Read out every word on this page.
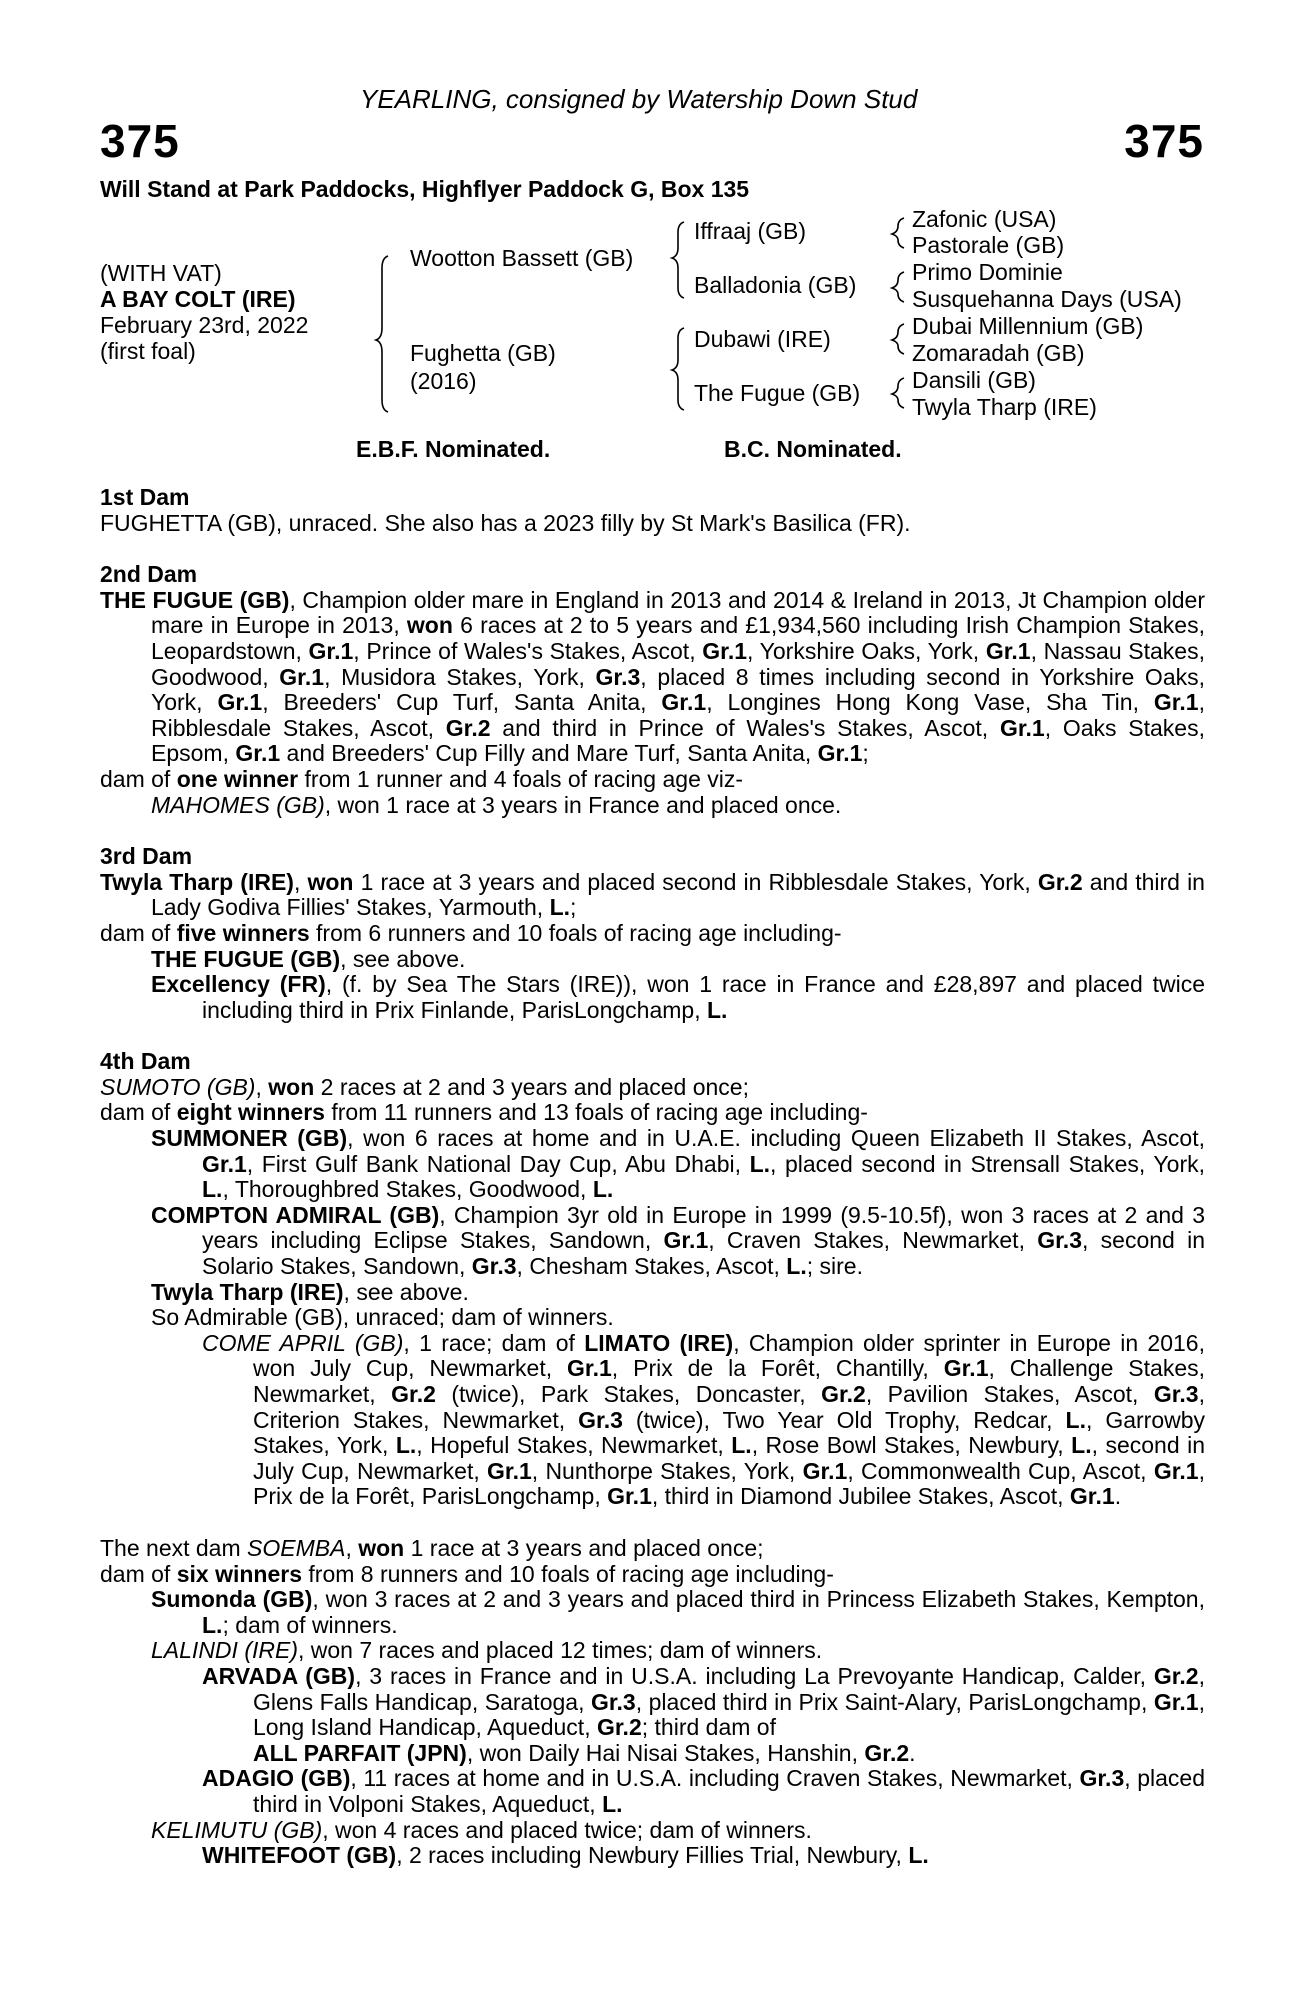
YEARLING, consigned by Watership Down Stud
375	375
Will Stand at Park Paddocks, Highflyer Paddock G, Box 135
(WITH VAT)
A BAY COLT (IRE)
February 23rd, 2022
(first foal)
Wootton Bassett (GB)
Fughetta (GB)
(2016)
Iffraaj (GB)
Balladonia (GB)
Dubawi (IRE)
The Fugue (GB)
Zafonic (USA)
Pastorale (GB)
Primo Dominie
Susquehanna Days (USA)
Dubai Millennium (GB)
Zomaradah (GB)
Dansili (GB)
Twyla Tharp (IRE)
E.B.F. Nominated.	B.C. Nominated.

1st Dam

FUGHETTA (GB), unraced. She also has a 2023 filly by St Mark's Basilica (FR).

2nd Dam

THE FUGUE (GB), Champion older mare in England in 2013 and 2014 & Ireland in 2013, Jt Champion older mare in Europe in 2013, won 6 races at 2 to 5 years and £1,934,560 including Irish Champion Stakes, Leopardstown, Gr.1, Prince of Wales's Stakes, Ascot, Gr.1, Yorkshire Oaks, York, Gr.1, Nassau Stakes, Goodwood, Gr.1, Musidora Stakes, York, Gr.3, placed 8 times including second in Yorkshire Oaks, York, Gr.1, Breeders' Cup Turf, Santa Anita, Gr.1, Longines Hong Kong Vase, Sha Tin, Gr.1, Ribblesdale Stakes, Ascot, Gr.2 and third in Prince of Wales's Stakes, Ascot, Gr.1, Oaks Stakes, Epsom, Gr.1 and Breeders' Cup Filly and Mare Turf, Santa Anita, Gr.1;

dam of one winner from 1 runner and 4 foals of racing age viz-

MAHOMES (GB), won 1 race at 3 years in France and placed once.

3rd Dam

Twyla Tharp (IRE), won 1 race at 3 years and placed second in Ribblesdale Stakes, York, Gr.2 and third in Lady Godiva Fillies' Stakes, Yarmouth, L.;

dam of five winners from 6 runners and 10 foals of racing age including-

THE FUGUE (GB), see above.

Excellency (FR), (f. by Sea The Stars (IRE)), won 1 race in France and £28,897 and placed twice including third in Prix Finlande, ParisLongchamp, L.

4th Dam

SUMOTO (GB), won 2 races at 2 and 3 years and placed once;

dam of eight winners from 11 runners and 13 foals of racing age including-

SUMMONER (GB), won 6 races at home and in U.A.E. including Queen Elizabeth II Stakes, Ascot, Gr.1, First Gulf Bank National Day Cup, Abu Dhabi, L., placed second in Strensall Stakes, York, L., Thoroughbred Stakes, Goodwood, L.

COMPTON ADMIRAL (GB), Champion 3yr old in Europe in 1999 (9.5-10.5f), won 3 races at 2 and 3 years including Eclipse Stakes, Sandown, Gr.1, Craven Stakes, Newmarket, Gr.3, second in Solario Stakes, Sandown, Gr.3, Chesham Stakes, Ascot, L.; sire.

Twyla Tharp (IRE), see above.

So Admirable (GB), unraced; dam of winners.

COME APRIL (GB), 1 race; dam of LIMATO (IRE), Champion older sprinter in Europe in 2016, won July Cup, Newmarket, Gr.1, Prix de la Forêt, Chantilly, Gr.1, Challenge Stakes, Newmarket, Gr.2 (twice), Park Stakes, Doncaster, Gr.2, Pavilion Stakes, Ascot, Gr.3, Criterion Stakes, Newmarket, Gr.3 (twice), Two Year Old Trophy, Redcar, L., Garrowby Stakes, York, L., Hopeful Stakes, Newmarket, L., Rose Bowl Stakes, Newbury, L., second in July Cup, Newmarket, Gr.1, Nunthorpe Stakes, York, Gr.1, Commonwealth Cup, Ascot, Gr.1, Prix de la Forêt, ParisLongchamp, Gr.1, third in Diamond Jubilee Stakes, Ascot, Gr.1.

The next dam SOEMBA, won 1 race at 3 years and placed once;

dam of six winners from 8 runners and 10 foals of racing age including-

Sumonda (GB), won 3 races at 2 and 3 years and placed third in Princess Elizabeth Stakes, Kempton, L.; dam of winners.

LALINDI (IRE), won 7 races and placed 12 times; dam of winners.

ARVADA (GB), 3 races in France and in U.S.A. including La Prevoyante Handicap, Calder, Gr.2, Glens Falls Handicap, Saratoga, Gr.3, placed third in Prix Saint-Alary, ParisLongchamp, Gr.1, Long Island Handicap, Aqueduct, Gr.2; third dam of

ALL PARFAIT (JPN), won Daily Hai Nisai Stakes, Hanshin, Gr.2.

ADAGIO (GB), 11 races at home and in U.S.A. including Craven Stakes, Newmarket, Gr.3, placed third in Volponi Stakes, Aqueduct, L.

KELIMUTU (GB), won 4 races and placed twice; dam of winners.

WHITEFOOT (GB), 2 races including Newbury Fillies Trial, Newbury, L.
